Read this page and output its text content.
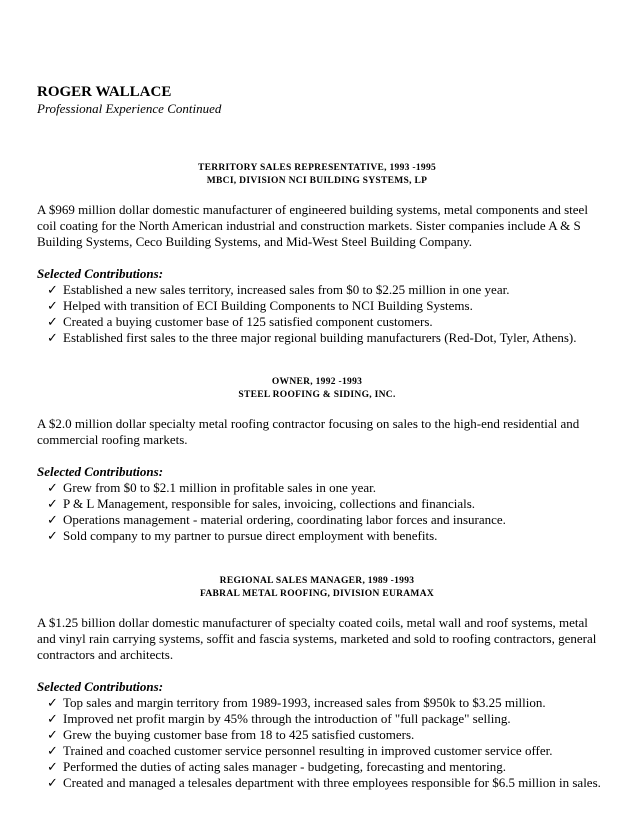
ROGER WALLACE
Professional Experience Continued
TERRITORY SALES REPRESENTATIVE, 1993 -1995
MBCI, DIVISION NCI BUILDING SYSTEMS, LP
A $969 million dollar domestic manufacturer of engineered building systems, metal components and steel coil coating for the North American industrial and construction markets. Sister companies include A & S Building Systems, Ceco Building Systems, and Mid-West Steel Building Company.
Selected Contributions:
✓ Established a new sales territory, increased sales from $0 to $2.25 million in one year.
✓ Helped with transition of ECI Building Components to NCI Building Systems.
✓ Created a buying customer base of 125 satisfied component customers.
✓ Established first sales to the three major regional building manufacturers (Red-Dot, Tyler, Athens).
OWNER, 1992 -1993
STEEL ROOFING & SIDING, INC.
A $2.0 million dollar specialty metal roofing contractor focusing on sales to the high-end residential and commercial roofing markets.
Selected Contributions:
✓ Grew from $0 to $2.1 million in profitable sales in one year.
✓ P & L Management, responsible for sales, invoicing, collections and financials.
✓ Operations management - material ordering, coordinating labor forces and insurance.
✓ Sold company to my partner to pursue direct employment with benefits.
REGIONAL SALES MANAGER, 1989 -1993
FABRAL METAL ROOFING, DIVISION EURAMAX
A $1.25 billion dollar domestic manufacturer of specialty coated coils, metal wall and roof systems, metal and vinyl rain carrying systems, soffit and fascia systems, marketed and sold to roofing contractors, general contractors and architects.
Selected Contributions:
✓ Top sales and margin territory from 1989-1993, increased sales from $950k to $3.25 million.
✓ Improved net profit margin by 45% through the introduction of "full package" selling.
✓ Grew the buying customer base from 18 to 425 satisfied customers.
✓ Trained and coached customer service personnel resulting in improved customer service offer.
✓ Performed the duties of acting sales manager - budgeting, forecasting and mentoring.
✓ Created and managed a telesales department with three employees responsible for $6.5 million in sales.
